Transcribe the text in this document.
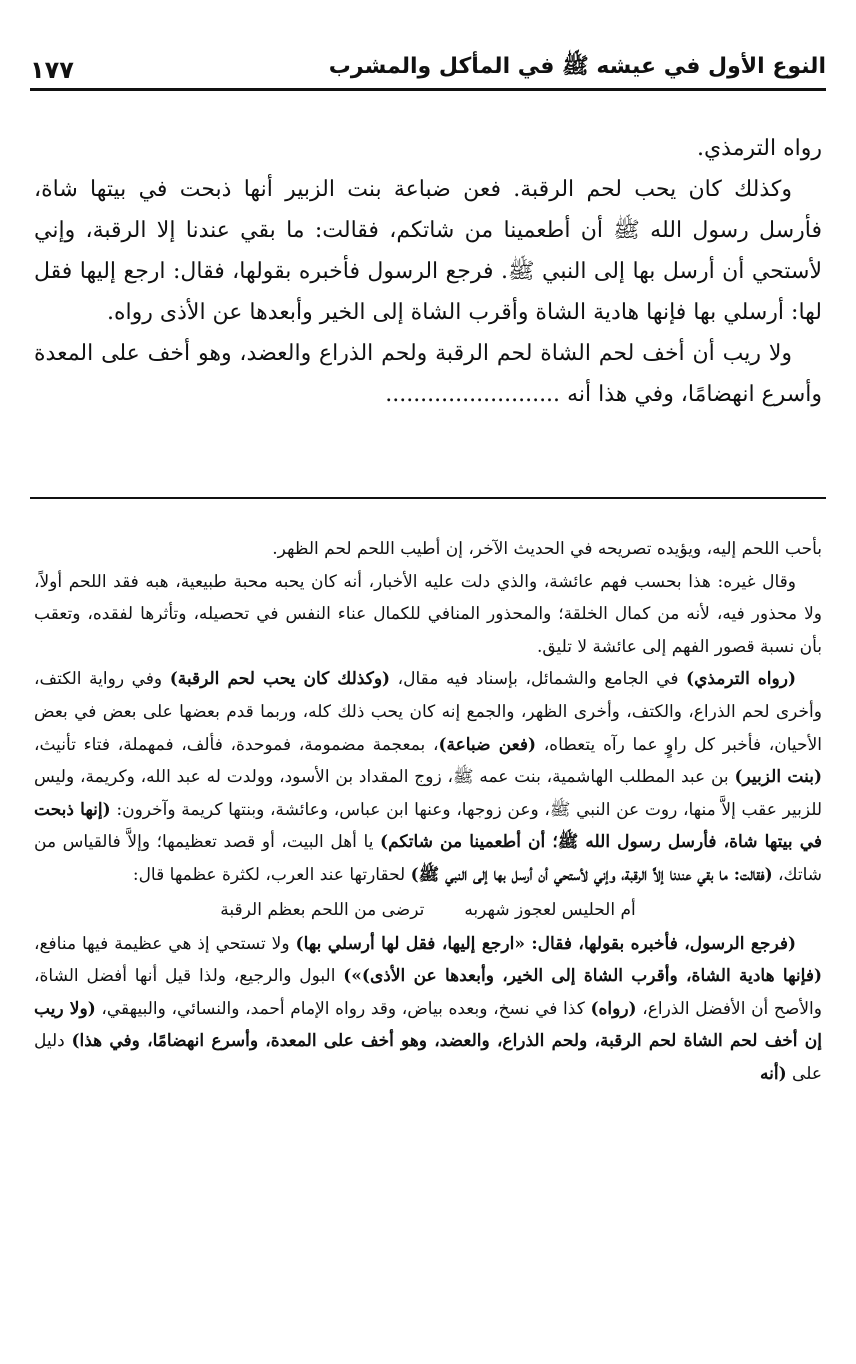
النوع الأول في عيشه ﷺ في المأكل والمشرب
١٧٧

رواه الترمذي.

وكذلك كان يحب لحم الرقبة. فعن ضباعة بنت الزبير أنها ذبحت في بيتها شاة، فأرسل رسول الله ﷺ أن أطعمينا من شاتكم، فقالت: ما بقي عندنا إلا الرقبة، وإني لأستحي أن أرسل بها إلى النبي ﷺ. فرجع الرسول فأخبره بقولها، فقال: ارجع إليها فقل لها: أرسلي بها فإنها هادية الشاة وأقرب الشاة إلى الخير وأبعدها عن الأذى رواه.

ولا ريب أن أخف لحم الشاة لحم الرقبة ولحم الذراع والعضد، وهو أخف على المعدة وأسرع انهضامًا، وفي هذا أنه .........................

بأحب اللحم إليه، ويؤيده تصريحه في الحديث الآخر، إن أطيب اللحم لحم الظهر.

وقال غيره: هذا بحسب فهم عائشة، والذي دلت عليه الأخبار، أنه كان يحبه محبة طبيعية، هبه فقد اللحم أولاً، ولا محذور فيه، لأنه من كمال الخلقة؛ والمحذور المنافي للكمال عناء النفس في تحصيله، وتأثرها لفقده، وتعقب بأن نسبة قصور الفهم إلى عائشة لا تليق.

(رواه الترمذي) في الجامع والشمائل، بإسناد فيه مقال، (وكذلك كان يحب لحم الرقبة) وفي رواية الكتف، وأخرى لحم الذراع، والكتف، وأخرى الظهر، والجمع إنه كان يحب ذلك كله، وربما قدم بعضها على بعض في بعض الأحيان، فأخبر كل راوٍ عما رآه يتعطاه، (فعن ضباعة)، بمعجمة مضمومة، فموحدة، فألف، فمهملة، فتاء تأنيث، (بنت الزبير) بن عبد المطلب الهاشمية، بنت عمه ﷺ، زوج المقداد بن الأسود، وولدت له عبد الله، وكريمة، وليس للزبير عقب إلاَّ منها، روت عن النبي ﷺ، وعن زوجها، وعنها ابن عباس، وعائشة، وبنتها كريمة وآخرون: (إنها ذبحت في بيتها شاة، فأرسل رسول الله ﷺ؛ أن أطعمينا من شاتكم) يا أهل البيت، أو قصد تعظيمها؛ وإلاَّ فالقياس من شاتك، (فقالت: ما بقي عندنا إلاَّ الرقبة، وإني لأستحي أن أرسل بها إلى النبي ﷺ) لحقارتها عند العرب، لكثرة عظمها قال:

أم الحليس لعجوز شهربه
ترضى من اللحم بعظم الرقبة

(فرجع الرسول، فأخبره بقولها، فقال: «ارجع إليها، فقل لها أرسلي بها) ولا تستحي إذ هي عظيمة فيها منافع، (فإنها هادية الشاة، وأقرب الشاة إلى الخير، وأبعدها عن الأذى)») البول والرجيع، ولذا قيل أنها أفضل الشاة، والأصح أن الأفضل الذراع، (رواه) كذا في نسخ، وبعده بياض، وقد رواه الإمام أحمد، والنسائي، والبيهقي، (ولا ريب إن أخف لحم الشاة لحم الرقبة، ولحم الذراع، والعضد، وهو أخف على المعدة، وأسرع انهضامًا، وفي هذا) دليل على (أنه
